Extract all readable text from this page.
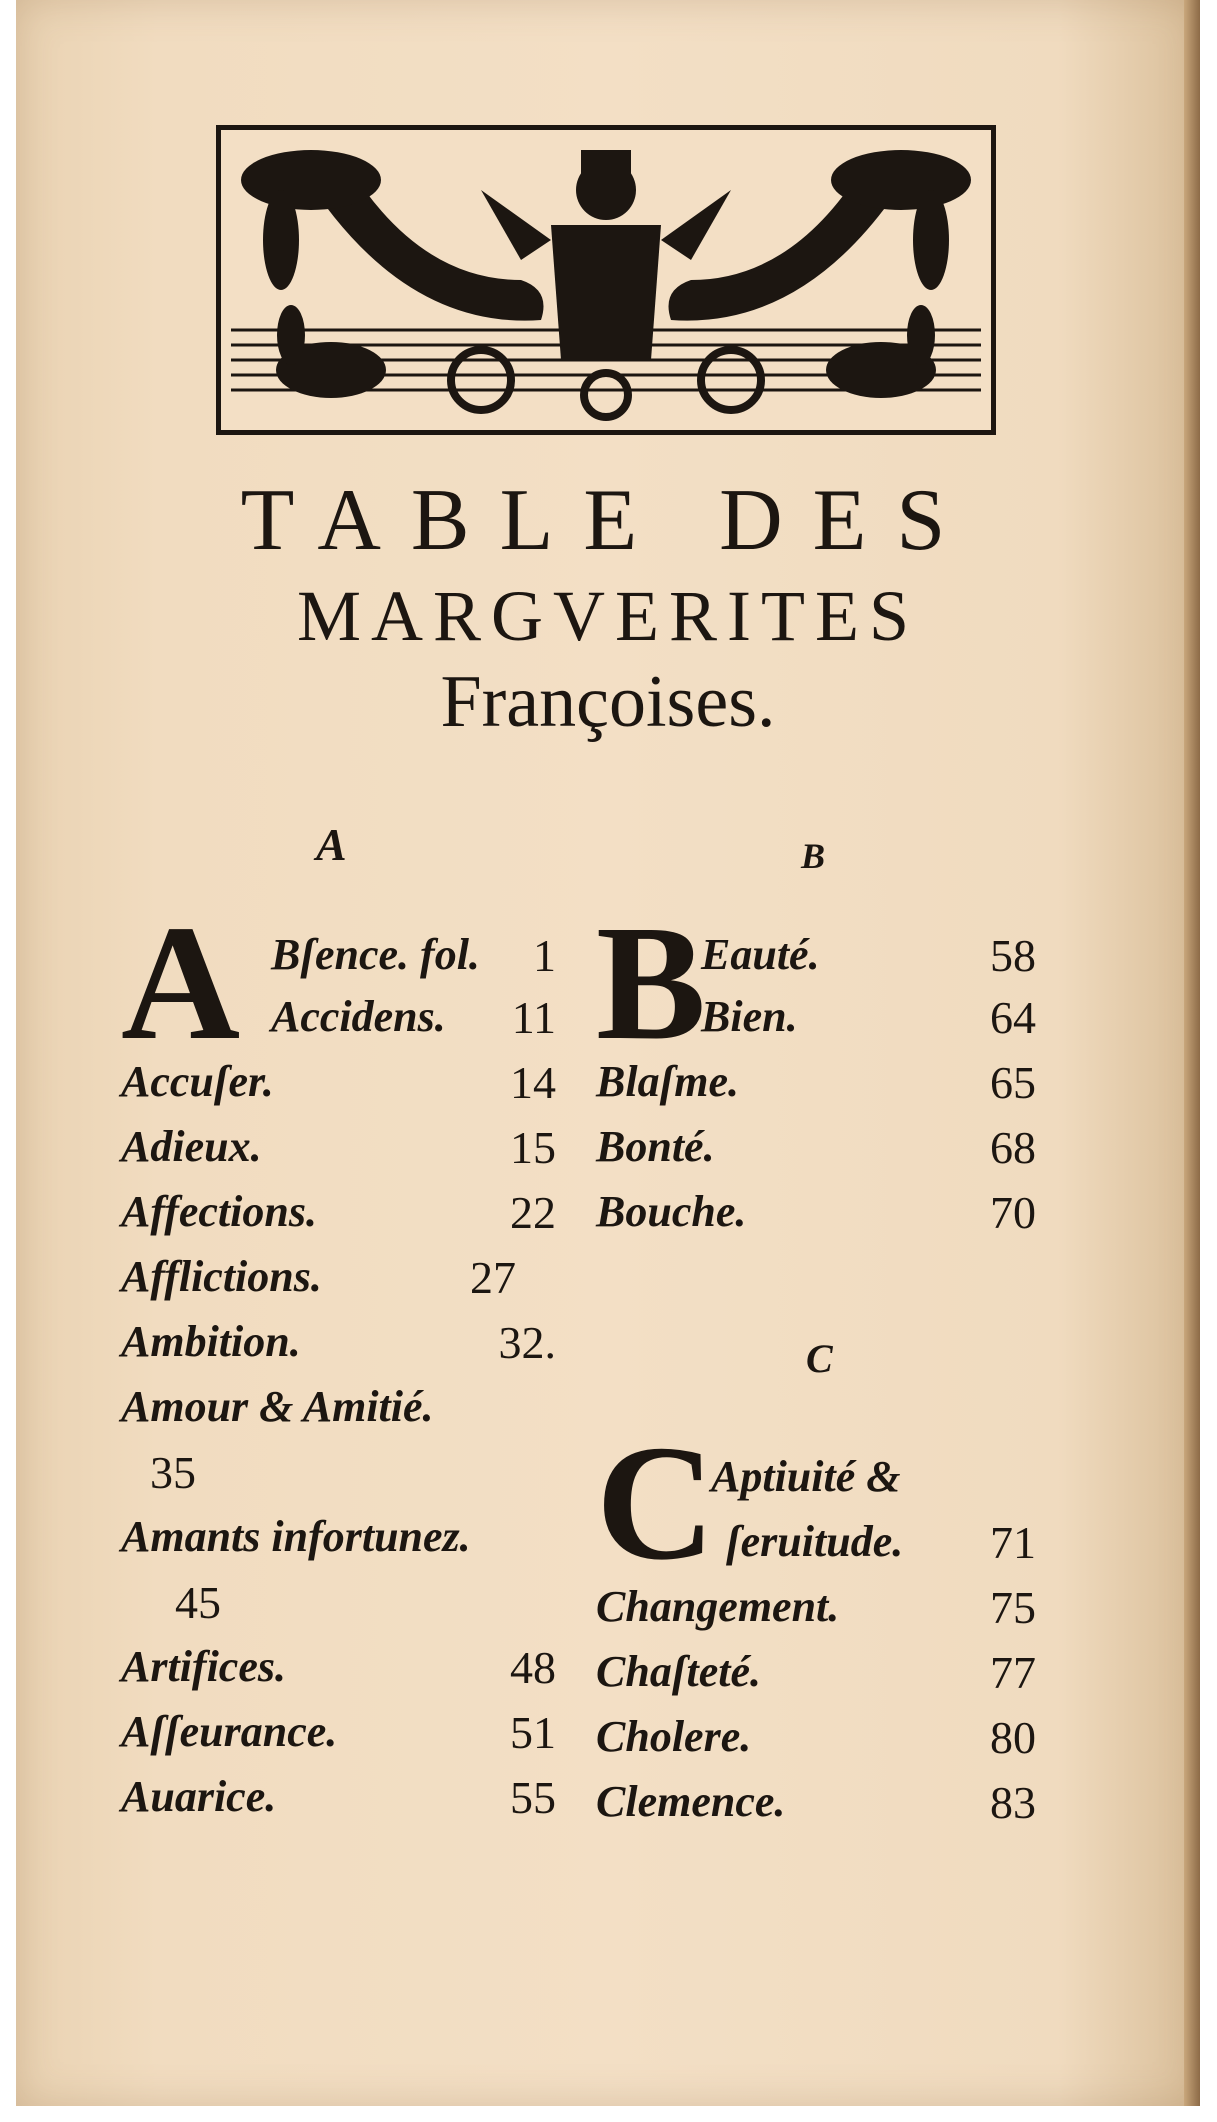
TABLE DES
MARGVERITES
Françoises.
A	B
C
A Bſence. fol.	1
Accidens.	11
Accuſer.	14
Adieux.	15
Affections.	22
Afflictions.	27
Ambition.	32.
Amour & Amitié.
35
Amants infortunez.
45
Artifices.	48
Aſſeurance.	51
Auarice.	55
B
Eauté.	58
Bien.	64
Blaſme.	65
Bonté.	68
Bouche.	70
C
Aptiuité &
ſeruitude.	71
Changement.	75
Chaſteté.	77
Cholere.	80
Clemence.	83
